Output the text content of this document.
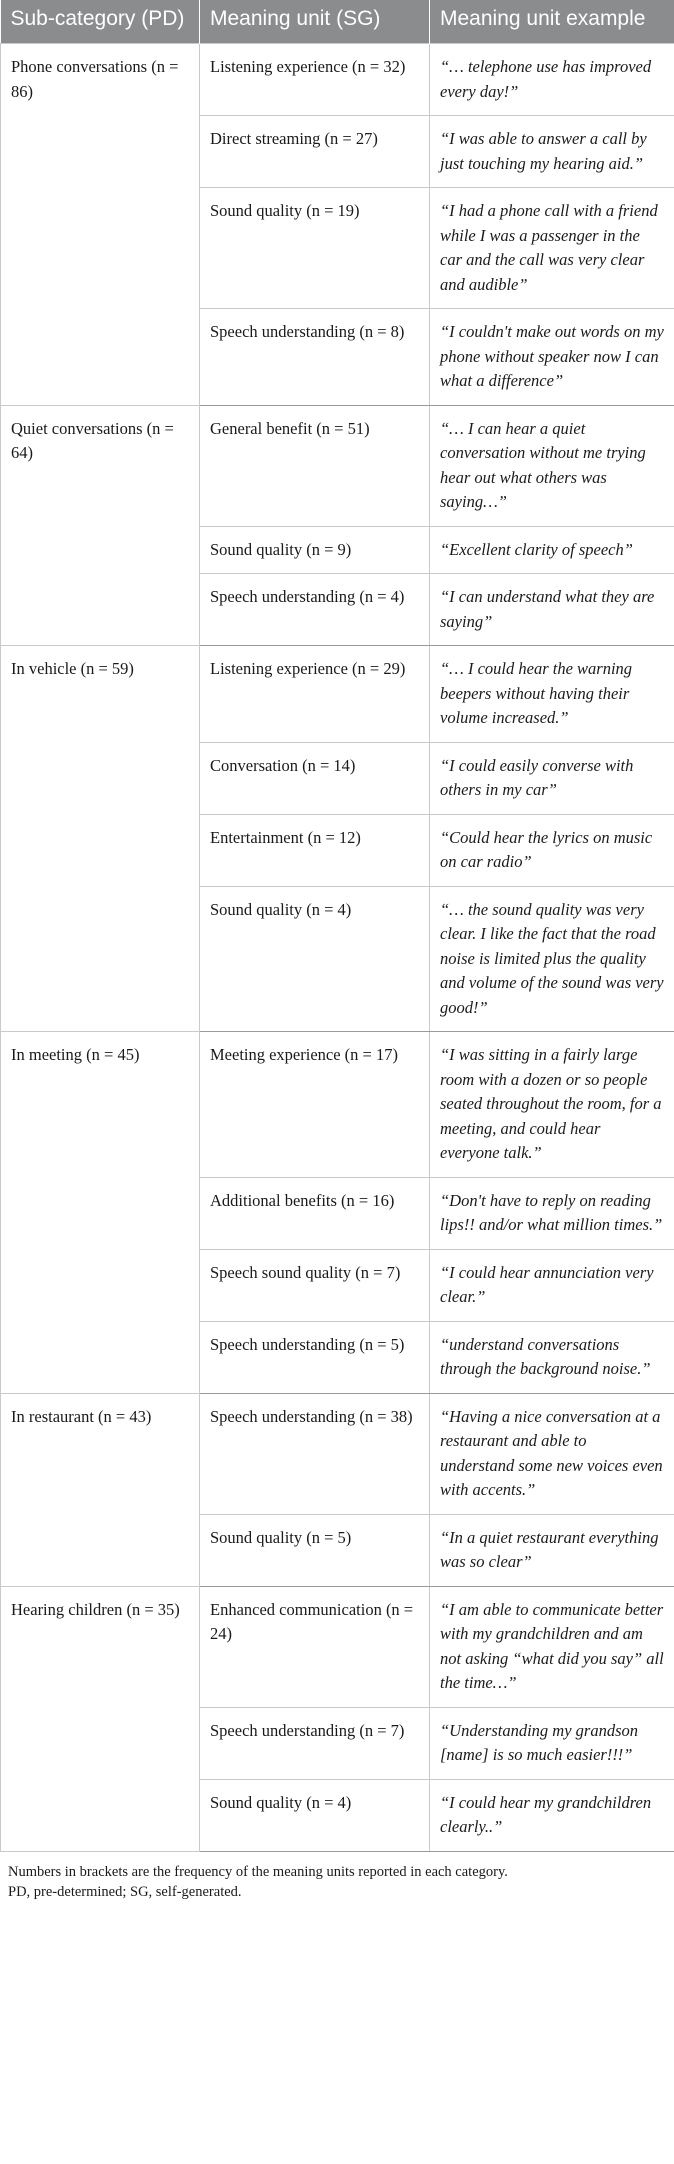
Sub-category (PD)	Meaning unit (SG)	Meaning unit example
Phone conversations (n = 86)	Listening experience (n = 32)	“… telephone use has improved every day!”
	Direct streaming (n = 27)	“I was able to answer a call by just touching my hearing aid.”
	Sound quality (n = 19)	“I had a phone call with a friend while I was a passenger in the car and the call was very clear and audible”
	Speech understanding (n = 8)	“I couldn't make out words on my phone without speaker now I can what a difference”
Quiet conversations (n = 64)	General benefit (n = 51)	“… I can hear a quiet conversation without me trying hear out what others was saying…”
	Sound quality (n = 9)	“Excellent clarity of speech”
	Speech understanding (n = 4)	“I can understand what they are saying”
In vehicle (n = 59)	Listening experience (n = 29)	“… I could hear the warning beepers without having their volume increased.”
	Conversation (n = 14)	“I could easily converse with others in my car”
	Entertainment (n = 12)	“Could hear the lyrics on music on car radio”
	Sound quality (n = 4)	“… the sound quality was very clear. I like the fact that the road noise is limited plus the quality and volume of the sound was very good!”
In meeting (n = 45)	Meeting experience (n = 17)	“I was sitting in a fairly large room with a dozen or so people seated throughout the room, for a meeting, and could hear everyone talk.”
	Additional benefits (n = 16)	“Don't have to reply on reading lips!! and/or what million times.”
	Speech sound quality (n = 7)	“I could hear annunciation very clear.”
	Speech understanding (n = 5)	“understand conversations through the background noise.”
In restaurant (n = 43)	Speech understanding (n = 38)	“Having a nice conversation at a restaurant and able to understand some new voices even
with accents.”
	Sound quality (n = 5)	“In a quiet restaurant everything was so clear”
Hearing children (n = 35)	Enhanced communication (n = 24)	“I am able to communicate better with my grandchildren and am not asking “what did you say” all the time…”
	Speech understanding (n = 7)	“Understanding my grandson [name] is so much easier!!!”
	Sound quality (n = 4)	“I could hear my grandchildren clearly..”
Numbers in brackets are the frequency of the meaning units reported in each category.
PD, pre-determined; SG, self-generated.
